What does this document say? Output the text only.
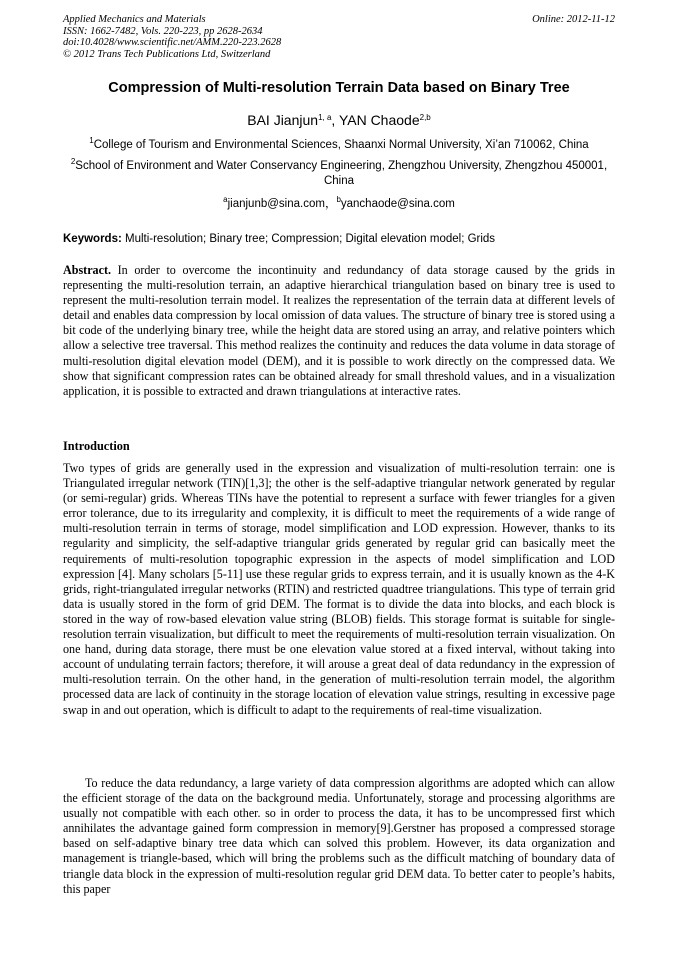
Applied Mechanics and Materials
ISSN: 1662-7482, Vols. 220-223, pp 2628-2634
doi:10.4028/www.scientific.net/AMM.220-223.2628
© 2012 Trans Tech Publications Ltd, Switzerland
Online: 2012-11-12
Compression of Multi-resolution Terrain Data based on Binary Tree
BAI Jianjun$^{1, a}$, YAN Chaode$^{2,b}$
$^1$College of Tourism and Environmental Sciences, Shaanxi Normal University, Xi’an 710062, China
$^2$School of Environment and Water Conservancy Engineering, Zhengzhou University, Zhengzhou 450001, China
$^a$jianjunb@sina.com，$^b$yanchaode@sina.com
Keywords: Multi-resolution; Binary tree; Compression; Digital elevation model; Grids
Abstract. In order to overcome the incontinuity and redundancy of data storage caused by the grids in representing the multi-resolution terrain, an adaptive hierarchical triangulation based on binary tree is used to represent the multi-resolution terrain model. It realizes the representation of the terrain data at different levels of detail and enables data compression by local omission of data values. The structure of binary tree is stored using a bit code of the underlying binary tree, while the height data are stored using an array, and relative pointers which allow a selective tree traversal. This method realizes the continuity and reduces the data volume in data storage of multi-resolution digital elevation model (DEM), and it is possible to work directly on the compressed data. We show that significant compression rates can be obtained already for small threshold values, and in a visualization application, it is possible to extracted and drawn triangulations at interactive rates.
Introduction
Two types of grids are generally used in the expression and visualization of multi-resolution terrain: one is Triangulated irregular network (TIN)[1,3]; the other is the self-adaptive triangular network generated by regular (or semi-regular) grids. Whereas TINs have the potential to represent a surface with fewer triangles for a given error tolerance, due to its irregularity and complexity, it is difficult to meet the requirements of a wide range of multi-resolution terrain in terms of storage, model simplification and LOD expression. However, thanks to its regularity and simplicity, the self-adaptive triangular grids generated by regular grid can basically meet the requirements of multi-resolution topographic expression in the aspects of model simplification and LOD expression [4]. Many scholars [5-11] use these regular grids to express terrain, and it is usually known as the 4-K grids, right-triangulated irregular networks (RTIN) and restricted quadtree triangulations. This type of terrain grid data is usually stored in the form of grid DEM. The format is to divide the data into blocks, and each block is stored in the way of row-based elevation value string (BLOB) fields. This storage format is suitable for single-resolution terrain visualization, but difficult to meet the requirements of multi-resolution terrain visualization. On one hand, during data storage, there must be one elevation value stored at a fixed interval, without taking into account of undulating terrain factors; therefore, it will arouse a great deal of data redundancy in the expression of multi-resolution terrain. On the other hand, in the generation of multi-resolution terrain model, the algorithm processed data are lack of continuity in the storage location of elevation value strings, resulting in excessive page swap in and out operation, which is difficult to adapt to the requirements of real-time visualization.
To reduce the data redundancy, a large variety of data compression algorithms are adopted which can allow the efficient storage of the data on the background media. Unfortunately, storage and processing algorithms are usually not compatible with each other. so in order to process the data, it has to be uncompressed first which annihilates the advantage gained form compression in memory[9].Gerstner has proposed a compressed storage based on self-adaptive binary tree data which can solved this problem. However, its data organization and management is triangle-based, which will bring the problems such as the difficult matching of boundary data of triangle data block in the expression of multi-resolution regular grid DEM data. To better cater to people’s habits, this paper
